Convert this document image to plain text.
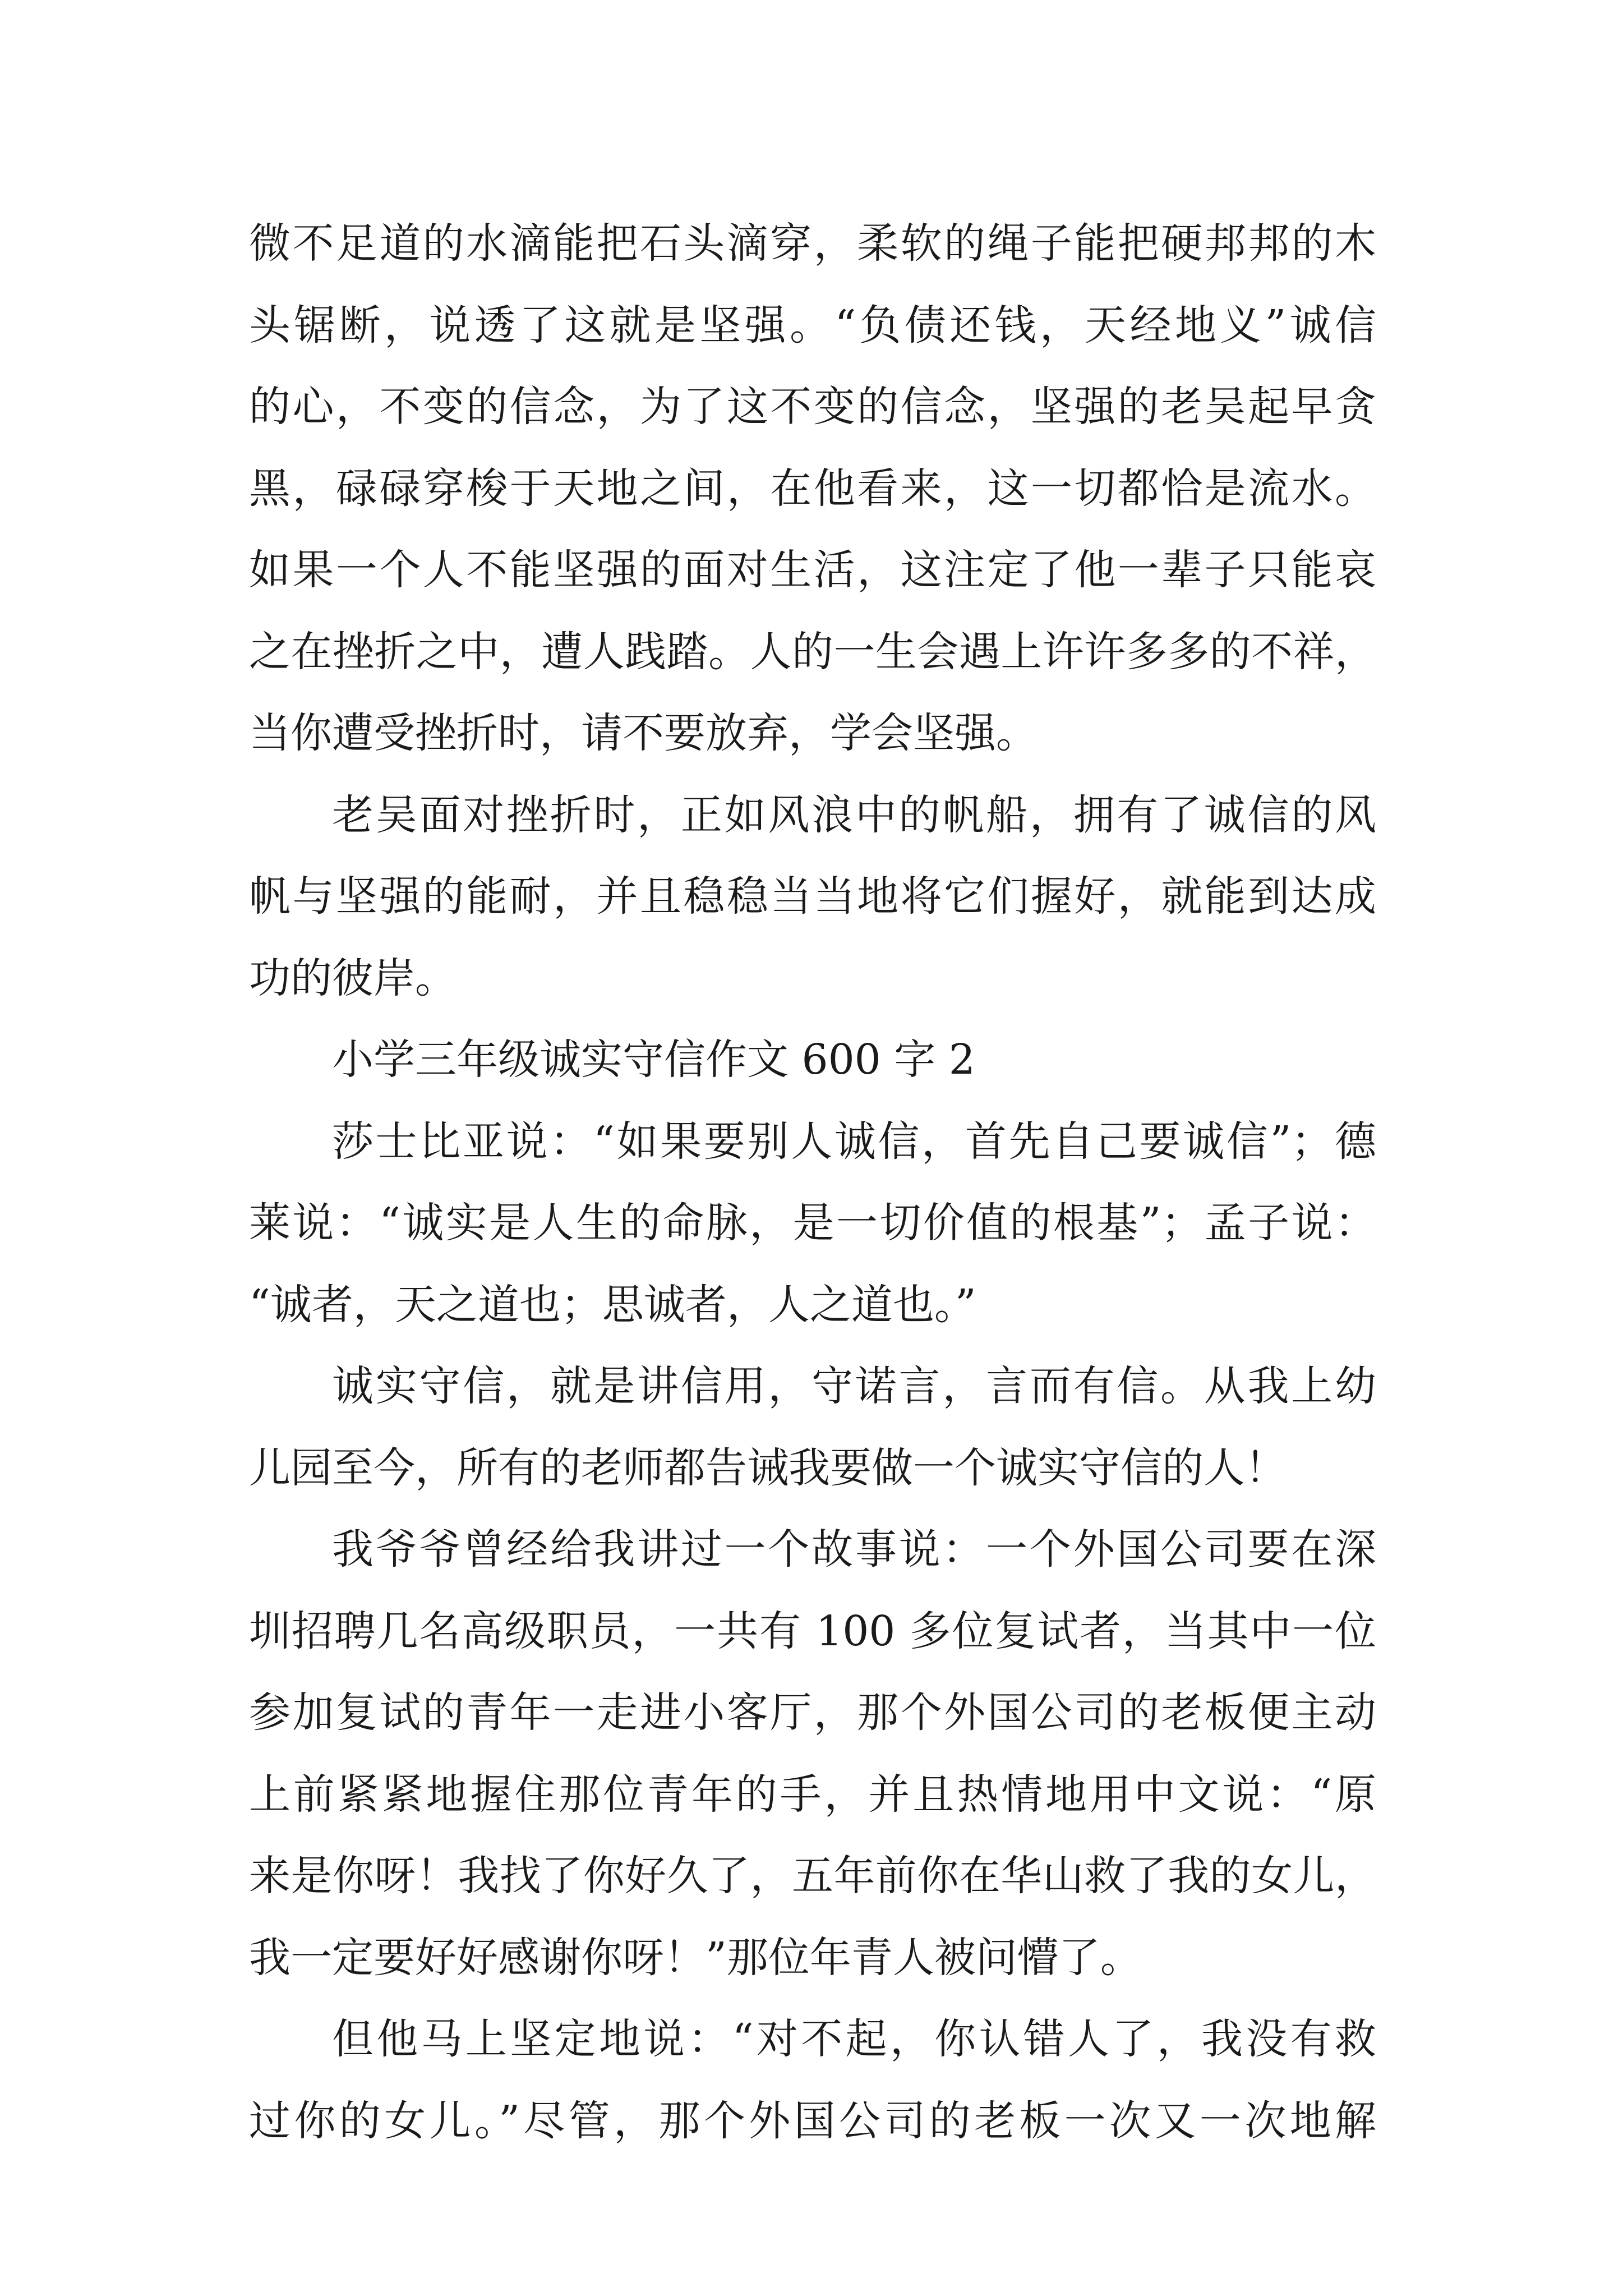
微不足道的水滴能把石头滴穿，柔软的绳子能把硬邦邦的木
头锯断，说透了这就是坚强。“负债还钱，天经地义”诚信
的心，不变的信念，为了这不变的信念，坚强的老吴起早贪
黑，碌碌穿梭于天地之间，在他看来，这一切都恰是流水。
如果一个人不能坚强的面对生活，这注定了他一辈子只能哀
之在挫折之中，遭人践踏。人的一生会遇上许许多多的不祥，
当你遭受挫折时，请不要放弃，学会坚强。
老吴面对挫折时，正如风浪中的帆船，拥有了诚信的风
帆与坚强的能耐，并且稳稳当当地将它们握好，就能到达成
功的彼岸。
小学三年级诚实守信作文 600 字 2
莎士比亚说：“如果要别人诚信，首先自己要诚信”；德
莱说：“诚实是人生的命脉，是一切价值的根基”；孟子说：
“诚者，天之道也；思诚者，人之道也。”
诚实守信，就是讲信用，守诺言，言而有信。从我上幼
儿园至今，所有的老师都告诫我要做一个诚实守信的人！
我爷爷曾经给我讲过一个故事说：一个外国公司要在深
圳招聘几名高级职员，一共有 100 多位复试者，当其中一位
参加复试的青年一走进小客厅，那个外国公司的老板便主动
上前紧紧地握住那位青年的手，并且热情地用中文说：“原
来是你呀！我找了你好久了，五年前你在华山救了我的女儿，
我一定要好好感谢你呀！”那位年青人被问懵了。
但他马上坚定地说：“对不起，你认错人了，我没有救
过你的女儿。”尽管，那个外国公司的老板一次又一次地解
